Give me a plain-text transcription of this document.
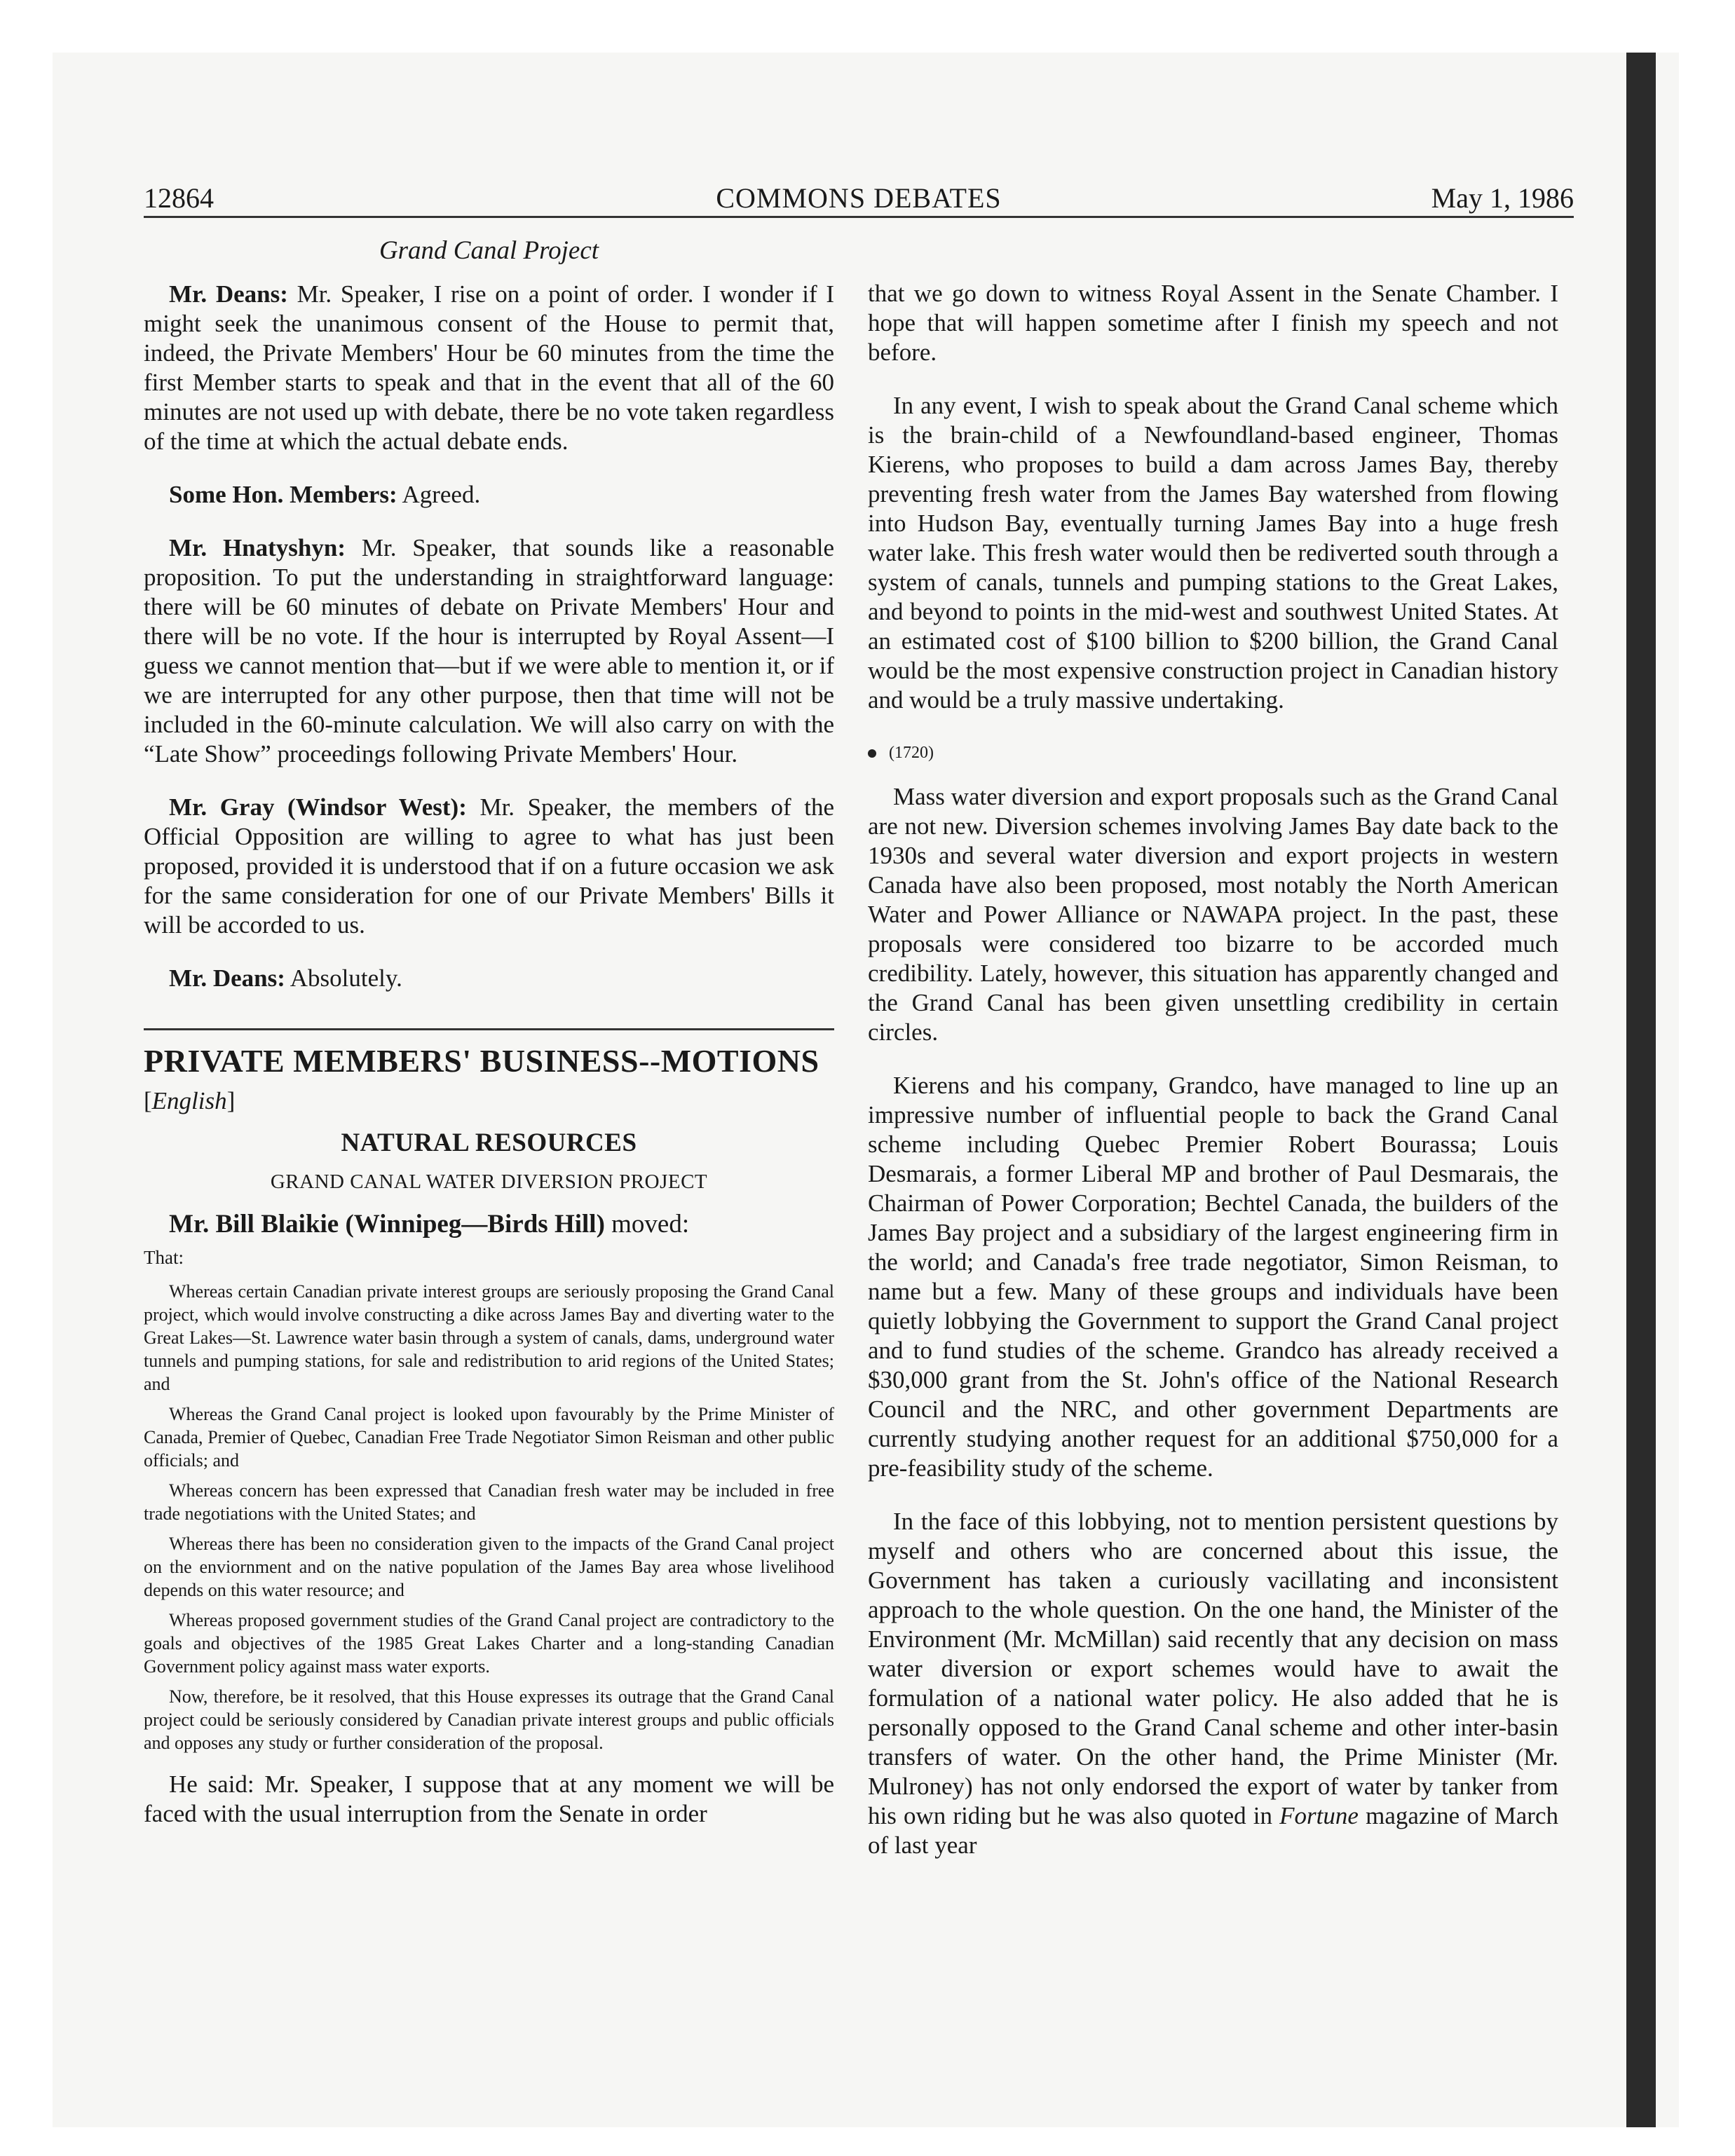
12864	COMMONS DEBATES	May 1, 1986

Grand Canal Project

Mr. Deans: Mr. Speaker, I rise on a point of order. I wonder if I might seek the unanimous consent of the House to permit that, indeed, the Private Members' Hour be 60 minutes from the time the first Member starts to speak and that in the event that all of the 60 minutes are not used up with debate, there be no vote taken regardless of the time at which the actual debate ends.

Some Hon. Members: Agreed.

Mr. Hnatyshyn: Mr. Speaker, that sounds like a reasonable proposition. To put the understanding in straightforward language: there will be 60 minutes of debate on Private Members' Hour and there will be no vote. If the hour is interrupted by Royal Assent—I guess we cannot mention that—but if we were able to mention it, or if we are interrupted for any other purpose, then that time will not be included in the 60-minute calculation. We will also carry on with the “Late Show” proceedings following Private Members' Hour.

Mr. Gray (Windsor West): Mr. Speaker, the members of the Official Opposition are willing to agree to what has just been proposed, provided it is understood that if on a future occasion we ask for the same consideration for one of our Private Members' Bills it will be accorded to us.

Mr. Deans: Absolutely.

PRIVATE MEMBERS' BUSINESS--MOTIONS

[English]

NATURAL RESOURCES

GRAND CANAL WATER DIVERSION PROJECT

Mr. Bill Blaikie (Winnipeg—Birds Hill) moved:

That:

Whereas certain Canadian private interest groups are seriously proposing the Grand Canal project, which would involve constructing a dike across James Bay and diverting water to the Great Lakes—St. Lawrence water basin through a system of canals, dams, underground water tunnels and pumping stations, for sale and redistribution to arid regions of the United States; and

Whereas the Grand Canal project is looked upon favourably by the Prime Minister of Canada, Premier of Quebec, Canadian Free Trade Negotiator Simon Reisman and other public officials; and

Whereas concern has been expressed that Canadian fresh water may be included in free trade negotiations with the United States; and

Whereas there has been no consideration given to the impacts of the Grand Canal project on the enviornment and on the native population of the James Bay area whose livelihood depends on this water resource; and

Whereas proposed government studies of the Grand Canal project are contradictory to the goals and objectives of the 1985 Great Lakes Charter and a long-standing Canadian Government policy against mass water exports.

Now, therefore, be it resolved, that this House expresses its outrage that the Grand Canal project could be seriously considered by Canadian private interest groups and public officials and opposes any study or further consideration of the proposal.

He said: Mr. Speaker, I suppose that at any moment we will be faced with the usual interruption from the Senate in order

that we go down to witness Royal Assent in the Senate Chamber. I hope that will happen sometime after I finish my speech and not before.

In any event, I wish to speak about the Grand Canal scheme which is the brain-child of a Newfoundland-based engineer, Thomas Kierens, who proposes to build a dam across James Bay, thereby preventing fresh water from the James Bay watershed from flowing into Hudson Bay, eventually turning James Bay into a huge fresh water lake. This fresh water would then be rediverted south through a system of canals, tunnels and pumping stations to the Great Lakes, and beyond to points in the mid-west and southwest United States. At an estimated cost of $100 billion to $200 billion, the Grand Canal would be the most expensive construction project in Canadian history and would be a truly massive undertaking.

(1720)

Mass water diversion and export proposals such as the Grand Canal are not new. Diversion schemes involving James Bay date back to the 1930s and several water diversion and export projects in western Canada have also been proposed, most notably the North American Water and Power Alliance or NAWAPA project. In the past, these proposals were considered too bizarre to be accorded much credibility. Lately, however, this situation has apparently changed and the Grand Canal has been given unsettling credibility in certain circles.

Kierens and his company, Grandco, have managed to line up an impressive number of influential people to back the Grand Canal scheme including Quebec Premier Robert Bourassa; Louis Desmarais, a former Liberal MP and brother of Paul Desmarais, the Chairman of Power Corporation; Bechtel Canada, the builders of the James Bay project and a subsidiary of the largest engineering firm in the world; and Canada's free trade negotiator, Simon Reisman, to name but a few. Many of these groups and individuals have been quietly lobbying the Government to support the Grand Canal project and to fund studies of the scheme. Grandco has already received a $30,000 grant from the St. John's office of the National Research Council and the NRC, and other government Departments are currently studying another request for an additional $750,000 for a pre-feasibility study of the scheme.

In the face of this lobbying, not to mention persistent questions by myself and others who are concerned about this issue, the Government has taken a curiously vacillating and inconsistent approach to the whole question. On the one hand, the Minister of the Environment (Mr. McMillan) said recently that any decision on mass water diversion or export schemes would have to await the formulation of a national water policy. He also added that he is personally opposed to the Grand Canal scheme and other inter-basin transfers of water. On the other hand, the Prime Minister (Mr. Mulroney) has not only endorsed the export of water by tanker from his own riding but he was also quoted in Fortune magazine of March of last year
